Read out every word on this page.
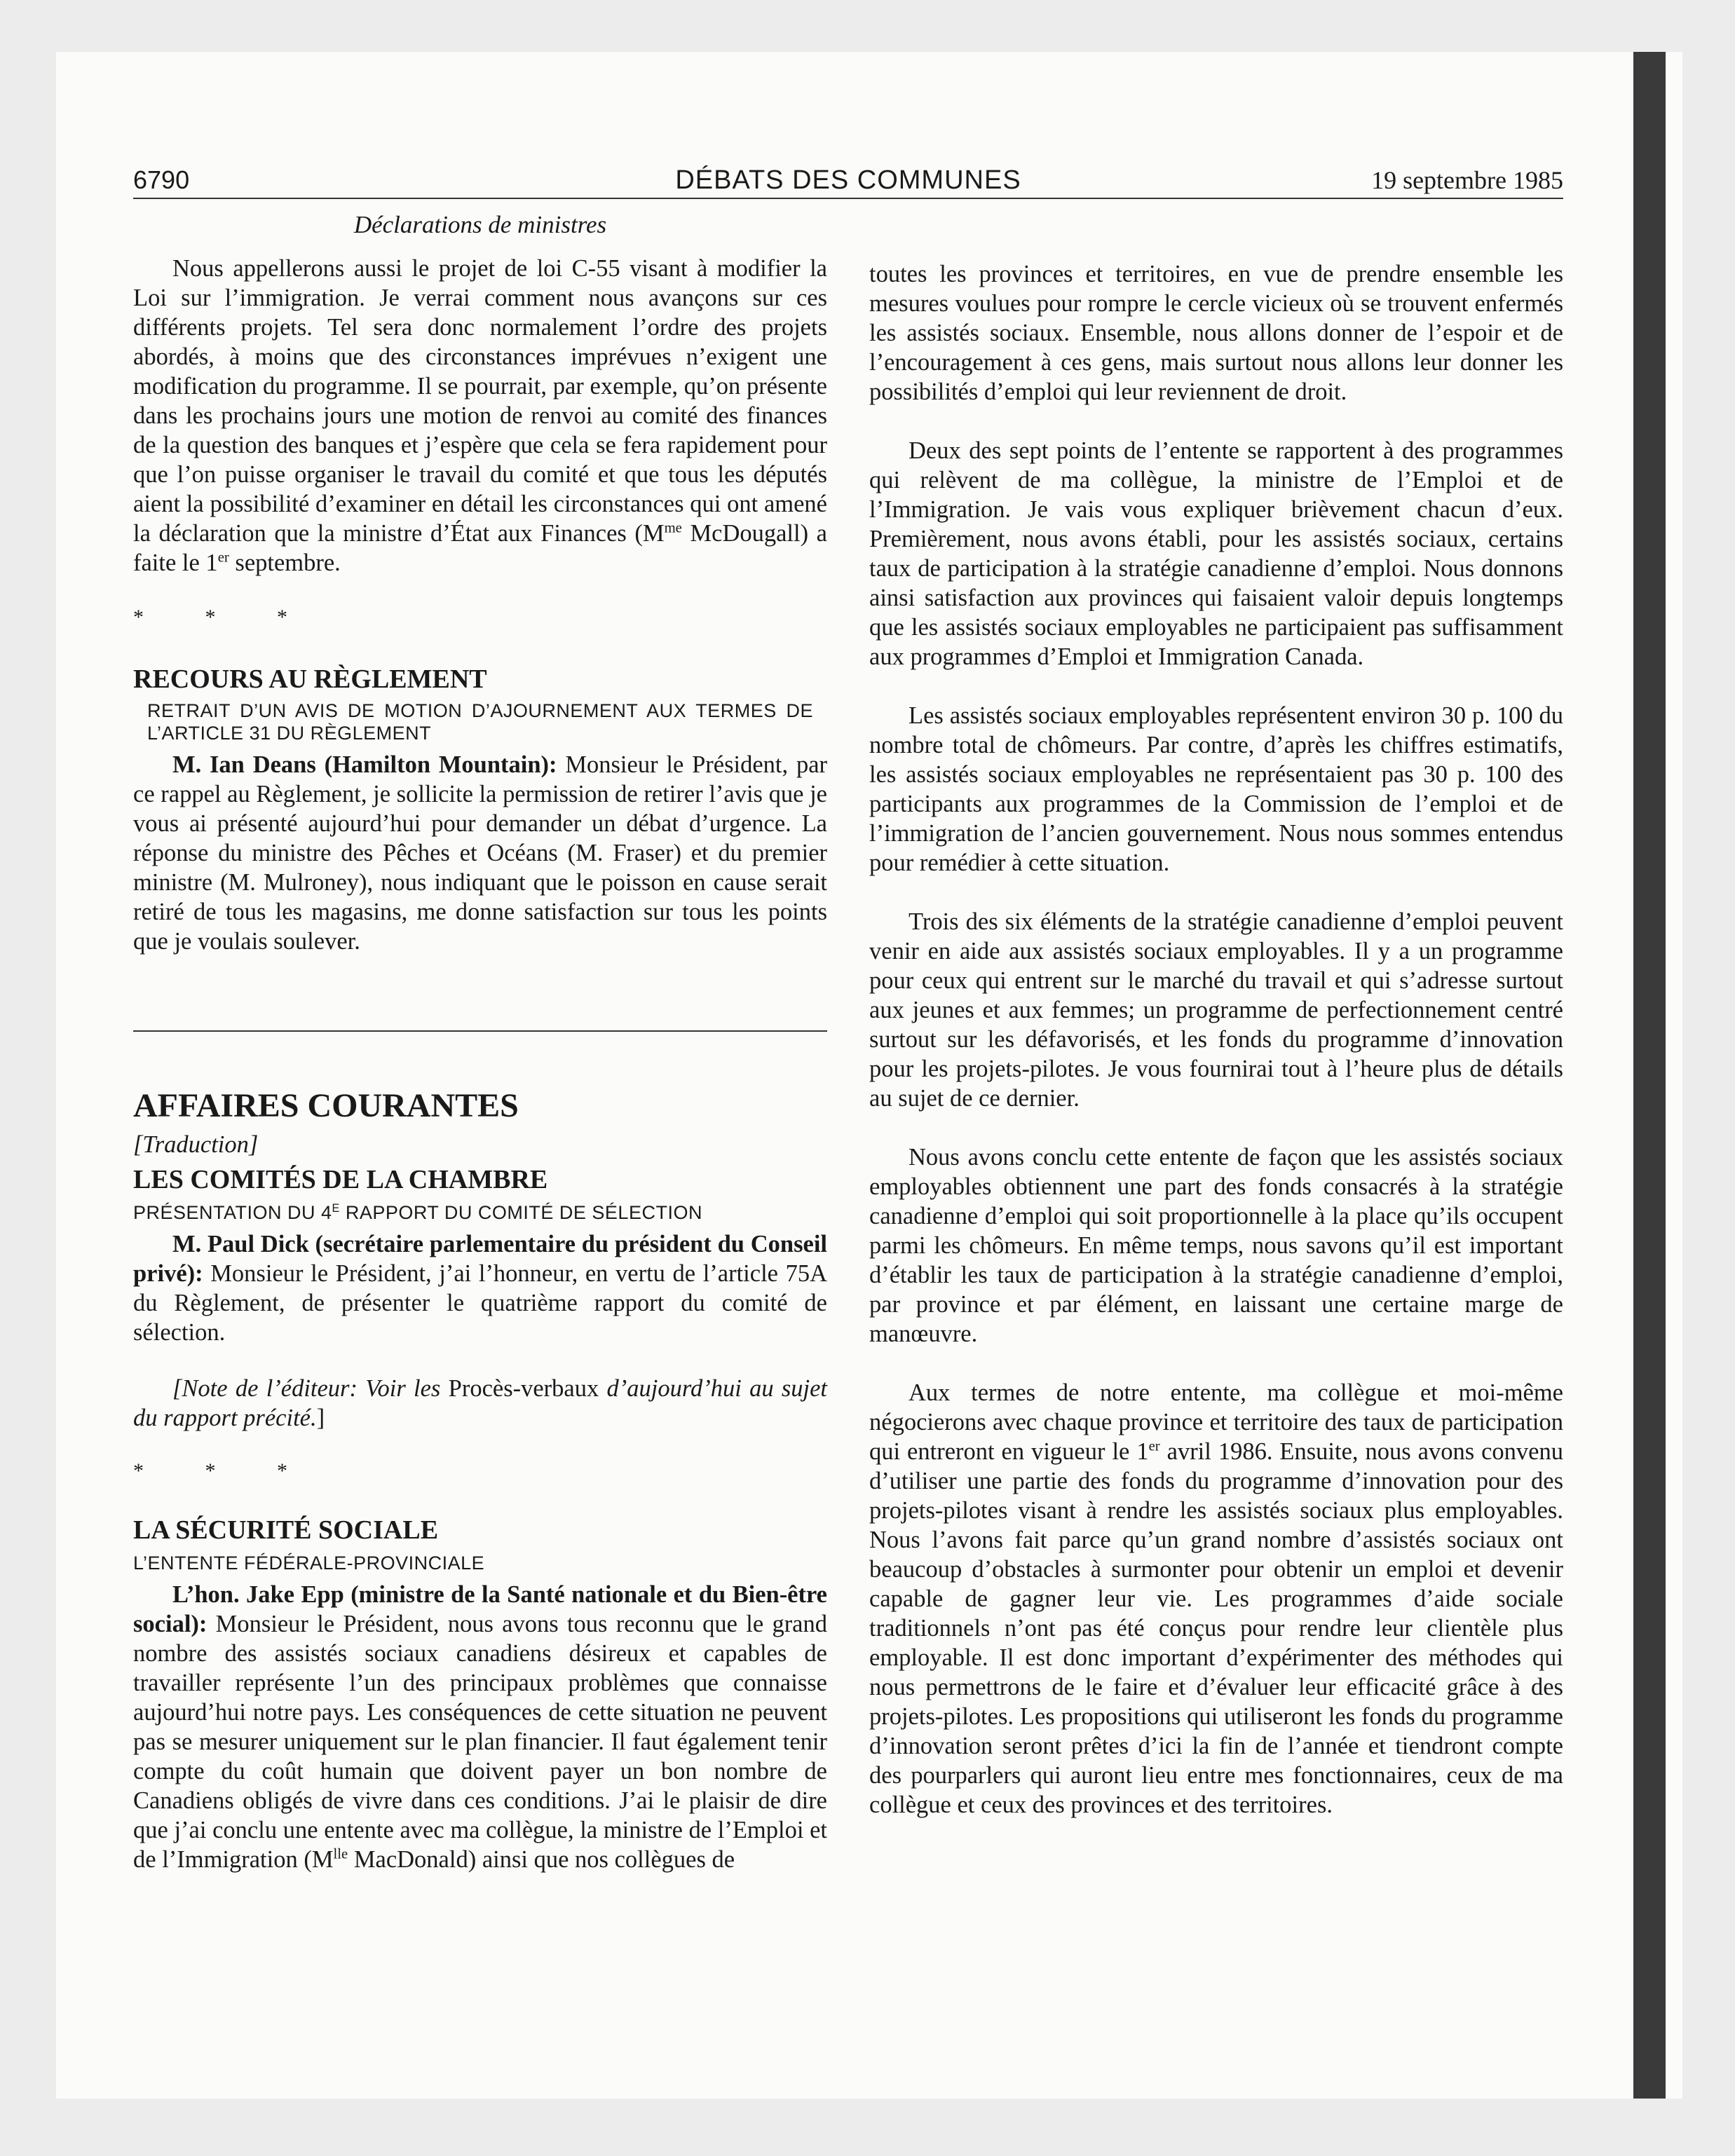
6790	DÉBATS DES COMMUNES	19 septembre 1985

Déclarations de ministres

Nous appellerons aussi le projet de loi C-55 visant à modifier la Loi sur l’immigration. Je verrai comment nous avançons sur ces différents projets. Tel sera donc normalement l’ordre des projets abordés, à moins que des circonstances imprévues n’exigent une modification du programme. Il se pourrait, par exemple, qu’on présente dans les prochains jours une motion de renvoi au comité des finances de la question des banques et j’espère que cela se fera rapidement pour que l’on puisse organiser le travail du comité et que tous les députés aient la possibilité d’examiner en détail les circonstances qui ont amené la déclaration que la ministre d’État aux Finances ($M^{me}$ McDougall) a faite le 1er septembre.

* * *

RECOURS AU RÈGLEMENT

RETRAIT D’UN AVIS DE MOTION D’AJOURNEMENT AUX TERMES DE L’ARTICLE 31 DU RÈGLEMENT

M. Ian Deans (Hamilton Mountain): Monsieur le Président, par ce rappel au Règlement, je sollicite la permission de retirer l’avis que je vous ai présenté aujourd’hui pour demander un débat d’urgence. La réponse du ministre des Pêches et Océans (M. Fraser) et du premier ministre (M. Mulroney), nous indiquant que le poisson en cause serait retiré de tous les magasins, me donne satisfaction sur tous les points que je voulais soulever.

AFFAIRES COURANTES

[Traduction]

LES COMITÉS DE LA CHAMBRE

PRÉSENTATION DU $4^E$ RAPPORT DU COMITÉ DE SÉLECTION

M. Paul Dick (secrétaire parlementaire du président du Conseil privé): Monsieur le Président, j’ai l’honneur, en vertu de l’article 75A du Règlement, de présenter le quatrième rapport du comité de sélection.

[Note de l’éditeur: Voir les Procès-verbaux d’aujourd’hui au sujet du rapport précité.]

* * *

LA SÉCURITÉ SOCIALE

L’ENTENTE FÉDÉRALE-PROVINCIALE

L’hon. Jake Epp (ministre de la Santé nationale et du Bien-être social): Monsieur le Président, nous avons tous reconnu que le grand nombre des assistés sociaux canadiens désireux et capables de travailler représente l’un des principaux problèmes que connaisse aujourd’hui notre pays. Les conséquences de cette situation ne peuvent pas se mesurer uniquement sur le plan financier. Il faut également tenir compte du coût humain que doivent payer un bon nombre de Canadiens obligés de vivre dans ces conditions. J’ai le plaisir de dire que j’ai conclu une entente avec ma collègue, la ministre de l’Emploi et de l’Immigration ($M^{lle}$ MacDonald) ainsi que nos collègues de

toutes les provinces et territoires, en vue de prendre ensemble les mesures voulues pour rompre le cercle vicieux où se trouvent enfermés les assistés sociaux. Ensemble, nous allons donner de l’espoir et de l’encouragement à ces gens, mais surtout nous allons leur donner les possibilités d’emploi qui leur reviennent de droit.

Deux des sept points de l’entente se rapportent à des programmes qui relèvent de ma collègue, la ministre de l’Emploi et de l’Immigration. Je vais vous expliquer brièvement chacun d’eux. Premièrement, nous avons établi, pour les assistés sociaux, certains taux de participation à la stratégie canadienne d’emploi. Nous donnons ainsi satisfaction aux provinces qui faisaient valoir depuis longtemps que les assistés sociaux employables ne participaient pas suffisamment aux programmes d’Emploi et Immigration Canada.

Les assistés sociaux employables représentent environ 30 p. 100 du nombre total de chômeurs. Par contre, d’après les chiffres estimatifs, les assistés sociaux employables ne représentaient pas 30 p. 100 des participants aux programmes de la Commission de l’emploi et de l’immigration de l’ancien gouvernement. Nous nous sommes entendus pour remédier à cette situation.

Trois des six éléments de la stratégie canadienne d’emploi peuvent venir en aide aux assistés sociaux employables. Il y a un programme pour ceux qui entrent sur le marché du travail et qui s’adresse surtout aux jeunes et aux femmes; un programme de perfectionnement centré surtout sur les défavorisés, et les fonds du programme d’innovation pour les projets-pilotes. Je vous fournirai tout à l’heure plus de détails au sujet de ce dernier.

Nous avons conclu cette entente de façon que les assistés sociaux employables obtiennent une part des fonds consacrés à la stratégie canadienne d’emploi qui soit proportionnelle à la place qu’ils occupent parmi les chômeurs. En même temps, nous savons qu’il est important d’établir les taux de participation à la stratégie canadienne d’emploi, par province et par élément, en laissant une certaine marge de manœuvre.

Aux termes de notre entente, ma collègue et moi-même négocierons avec chaque province et territoire des taux de participation qui entreront en vigueur le 1er avril 1986. Ensuite, nous avons convenu d’utiliser une partie des fonds du programme d’innovation pour des projets-pilotes visant à rendre les assistés sociaux plus employables. Nous l’avons fait parce qu’un grand nombre d’assistés sociaux ont beaucoup d’obstacles à surmonter pour obtenir un emploi et devenir capable de gagner leur vie. Les programmes d’aide sociale traditionnels n’ont pas été conçus pour rendre leur clientèle plus employable. Il est donc important d’expérimenter des méthodes qui nous permettrons de le faire et d’évaluer leur efficacité grâce à des projets-pilotes. Les propositions qui utiliseront les fonds du programme d’innovation seront prêtes d’ici la fin de l’année et tiendront compte des pourparlers qui auront lieu entre mes fonctionnaires, ceux de ma collègue et ceux des provinces et des territoires.
